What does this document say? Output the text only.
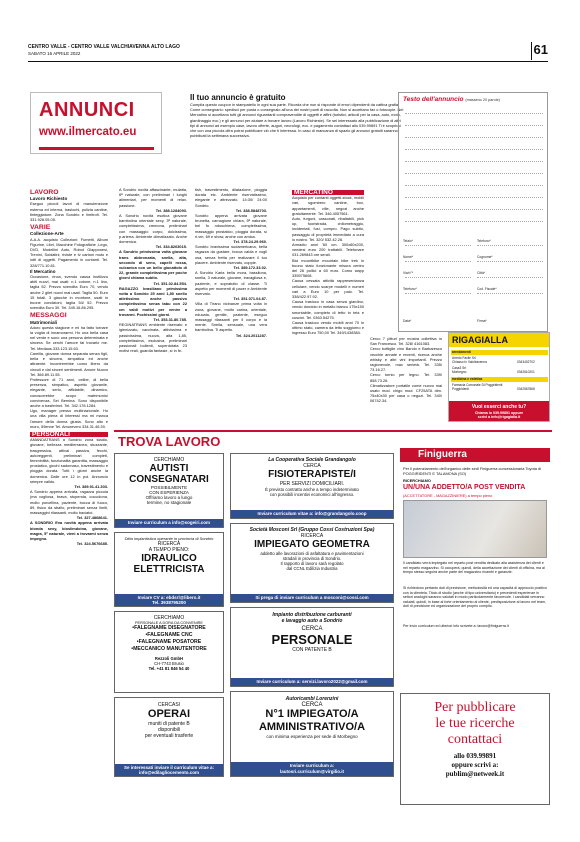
CENTRO VALLE - CENTRO VALLE VALCHIAVENNA ALTO LAGO
SABATO 16 APRILE 2022	61
ANNUNCI
www.ilmercato.eu
Il tuo annuncio è gratuito
Compila questo coupon in stampatello in ogni sua parte. Ricorda che non si risponde di errori dipendenti da cattiva grafia. Come consegnarlo: spedisci per posta o consegnalo all'una dei nostri punti di raccolta. Non si accettano fax o fotocopie. Nel Mercatino si accettano tutti gli annunci riguardanti compravendite di oggetti e affini (turistici, articoli per la casa, auto, moto, giardinaggio ecc.) e gli annunci per aiutare a trovare lavoro (Lavoro Richieste). Se sei interessato alla pubblicazione di altri tipi di annunci ad esempio case, lavoro offerte, auguri, necrologi, ecc. e pagamento contattaci allo 039.99891 Ti è scopriraí che con una piccola cifra potrai pubblicare ciò che ti interessa. In caso di mancanza di spazio gli annunci gratuiti saranno pubblicati la settimana successiva.
Testo dell'annuncio (massimo 20 parole)
Telaio*
Nome*
Via/n°*
Telefono*
Telefono*
Cognome*
Città*
Cod. Fiscale*
Data*	Firma*
LAVORO
Lavoro Richiesto
Eseguo piccoli lavori di manutenzione esterna ed interna, traslochi, pulizia cantine, tinteggiature. Zona Sondrio e limitrofi. Tel. 331.928.05.05.
VARIE
Collezione-Arte
A.A.A. acquisto Collezioni: Fumetti, Album Figurine, Libri, Macchine Fotografiche ,Lego, DVD, Modellini Auto, Robot Giapponesi, Trenini, Soldatini, riviste e tv cartoni moto e lotti di oggetti. Pagamento in contanti. Tel. 328/771.10.81.
Il Mercatino
Occasione, rinca, svendo causa inutilizzo abiti nuovi, mai usati: n.1 cotone, n.1 lino, taglia 52. Prezzo svendita Euro 70, vendo anche 2 gilet nuovi mai usati. Taglia 50. Euro 15 totali. 3 giacche in montone, usati in buone condizioni, taglia 54/ 52. Prezzo svendita Euro 30. Tel. 349.16.86.295.
MESSAGGI
Matrimoniali
Adoro questa stagione e mi ha fatto tornare la voglia di innamorarmi. Ho una bella casa nel verde e sono una persona determinata e sincera. Se cerchi l'amore fai trovarlo me. Tel. Mediaus.333.123.15.63.
Camilla, giovane donna separata senza figli, bella e sincera, simpatica ed anche attraente. Incontrerebbe uomo libero da vincoli e dai sinceri sentimenti. Amore Nuovo Tel. 366.89.11.55.
Professore di 71 anni, celibe, di bella presenza, simpatico, aspetto giovanile, elegante, serio, affidabile, dinamico, conoscerebbe scopo matrimonio/ convivenza, Sei Bernina. Sono disponibile anche a trasferirmi. Tel. 342.178.1284.
Ugo, manager presso multinazionale. Ho una villa piena di interessi ma mi manca l'amore della donna giusta. Sono alto e moro, 59enne Tel. Amorevero 334.31.46.39.
PERSONALI
AMANDATRANS a Sondrio zona stadio, giovane, bellezza mediterranea, stuzzante, trasgressiva, attivai passiva, fecchi, autoreggenti, preliminari completi, femminilità, funzionalità garantita, massaggio prostatico, giochi sadomaso, travestimento e pioggia dorata. Tutti i giorni anche la domenica. Dalle ore 12 in poi. Annuncio sempre valido.
Tel. 389.91.41.303.
A Sondrio appena arrivata, ragazza piccola (ma vogliosa, brava, stupenda, coccolona, molto porcellina, paziente, bocca di fuoco, 89, fisico da sballo, preliminari senza limiti, massaggini rilassanti, molto baciatoì.
Tel. 327.4868641.
A SONDRIO Eva novità appena arrivata bionda sexy, bioslimdoina, giovane, magra, 5ª naturale, vieni a trovarmi senza impegno.
Tel. 324.5676685.
A Sondrio novità affascinante, mulatta, 6ª naturale, con preliminari i lunghi alimentari, per momenti di relax, passione.
Tel. 388.1284093.
A Sondrio novità esotica giovane bambolina orientale sexy, 3ª naturale, completissima, cremona, preliminari con massaggio corpo, dolcissima, p.arierra. Ambiente climatizzato. Anche domenica.
Tel. 334.8263015.
A Sondrio primissima volta giovane trans abbronzata, snella, alta, secondo di seno, capelli rossa, vulcanica con un bello giocattolo di 22, grande completissima per poche giorni chiama subito.
Tel. 351.02.84.554.
RAGAZZO brasiliano primissima volta a Sondrio 25 anni 1,80 snello atletissimo anche passivo completissimo senza tabu con 22 cm valdi motivi per venire a trovarmi. Pochissimi giorni.
Tel. 353.31.80.785.
REGINATRANS embiente riservato e igienizzato, vaccinata, attivissima e passivissima, nuova, alta 1,85, completissima, esclusiva, preliminari passionali bollenti, superdotata 23 motivi reali, guardia fantasie, sì in fe-
tish, travestimento, dilatazione, pioggia dorata etc. Ambiente riservatissimo, elegante e attrezzato. 14:30/ 24:00 Sondrio.
Tel. 338.5848703.
Sondrio appena arrivata giovane brunetta, carnagione chiara, 5ª naturale, bel fo ndoschiena, completissima, massaggio prostatico, pioggia dorata, sì ri.vm, 69 e show, anche con amica.
Tel. 378.24.29.960.
Sondrio bravissima sudamericana, bella ragazza da gustare, bocca calda e vogli osa, senza fretta per realizzare il tuo piacere. Ambiente riservato, coppie.
Tel. 389.172.33.02.
A Sondrio Karla bella mora, bassilona, snella, 3 naturale, giovane, travagliosa e, paziente, e sopratutto di classe. Ti aspetto per momenti di pacer e Ambiente riservato.
Tel. 351.071.04.87.
Villa di Tirano vicinanze prima volta in zona, giovane, molto carina, orientale, educata, gentile, paziente, eseguo massaggi rilassanti per il corpo e la mente. Snella, sensuale, una vera bambolina. Ti aspetto.
Tel. 324.2011287.
MERCATINO
Acquisto per contanti oggetti-stock, mobili vari, sgombero cantine, box, appartamenti, ville, negozi anche gratuitamente. Tel. 346.4057561.
Auto, furgoni, cassonati, ribaltabili, pick up, fuoristrada, chilometraggio, incidentati, fusi, compro. Pago subito, passaggio di proprietà immediato a cura io nostro. Tel. 320/ 532.42.26.
Armadio anni '60 cm. 300x60x200, vendesi euro 200 trattabili. Telefonare 031.269843 ore serali.
Bici mountbike mountain bike trek in buono stato funzionante misura centro del 26 pollici a 60 euro. Como wapp 335975608.
Causa cessata attività rappresentanza cellulare, vendo scarpe modelli e numeri vari a Euro 10 per paio. Tel. 338/422.97.92.
Causa trasloco in casa senza giardino, vendo dondolo in metallo bianco 175x150 smontabile, completo di tetto in tela e cuscini. Tel. 0363.54275.
Causa trasloco vendo mobili anni 70 in ottimo stato, camera da letto soggiorno e ingresso Euro 750,00 Tel. 349/1438384.
Cerco 7 pitturi per mostra collettiva in San Francesco. Tel. 328/ 4161083.
Cerco bottiglie vino Barolo e Barbaresco vecchie annate e recenti, ricerca anche whisky e altri vini importanti. Prezzo ragionevole, max serietà. Tel. 335/ 73.16.27.
Cerco tornio per legno. Tel. 339/ 858.73.26.
Climatizzatore portatile come nuovo mai usato mod. chigo mod. CF25ATA dim. 75x40x30 per casa o negozi. Tel. 340/ 06742.34.
RIGAGIALLA
arredamenti
Arredo Facile Srl
Chiasso In Valchiavenna	0343402702
Casa3 Srl
Morbegno	0342610201
medicina e estetica
Farmacia Comunale Di Poggiridenti
Poggiridenti	0342567868
Vuoi esserci anche tu?
Chiama lo 039.99891 oppure
scrivi a info@rigagialla.it
TROVA LAVORO
CERCHIAMO
AUTISTI
CONSEGNATARI
POSSIBILMENTE
CON ESPERIENZA
Offriamo lavoro a lungo
termine, no stagionale
Inviare curriculum a info@sogeiri.com
Ditta impiantistica operante in provincia di Sondrio
RICERCA
A TEMPO PIENO:
IDRAULICO
ELETTRICISTA
Inviare CV a: ebdsrl@libero.it
Tel. 3938795200
CERCHIAMO
PERSONALE A DORA DA CONVENIRE
•FALEGNAME DISEGNATORE
•FALEGNAME CNC
•FALEGNAME POSATORE
•MECCANICO MANUTENTORE
Rezzoli GmbH
CH-7743 Brusio
Tel. +41 81 846 54 40
CERCASI
OPERAI
muniti di patente B
disponibili
per eventuali trasferte
Se interessati inviare il curriculum vitae a: info@edilagliocemento.com
La Cooperativa Sociale Grandangolo
CERCA
FISIOTERAPISTE/I
PER SERVIZI DOMICILIARI.
È previsto contratto anche a tempo indeterminato
con possibili incentivi economici all'ingresso.
Inviare curriculum vitae a: info@grandangolo.coop
Società Mosconi Srl (Gruppo Cossi Costruzioni Spa)
RICERCA
IMPIEGATO GEOMETRA
addetto alle lavorazioni di asfaltatura e pavimentazioni
stradali in provincia di Sondrio.
Il rapporto di lavoro sarà regolato
dal CCNL Edilizia Industria
Si prega di inviare curriculum a mosconi@cossi.com
Impianto distribuzione carburanti
e lavaggio auto a Sondrio
CERCA
PERSONALE
CON PATENTE B
Inviare curriculum a: servizi.lavoro2022@gmail.com
Autoricambi Lorenzini
CERCA
N°1 IMPIEGATO/A
AMMINISTRATIVO/A
con minima esperienza per sede di Morbegno
Inviare curriculum a:
lautosri.curriculum@virgilio.it
Finiguerra
Per il potenziamento dell'organico delle sedi Finiguerra concessionaria Toyota di POGGIRIDENTI E TALAMONA (SO)
RICERCHIAMO
UN/UNA ADDETTO/A POST VENDITA
(ACCETTATORE - MAGAZZINIERE) a tempo pieno
Il candidato verrà impiegato nel reparto post vendita dedicato alla assistenza dei clienti e nel reparto magazzino. Si occuperà, quindi, della accettazione dei clienti di officina, ma al tempo stesso seguirà anche parte del magazzino ricambi e garanzie.
Si richiedono pertanto doti di precisione, meticolosità ed una capacità di approccio positivo con la clientela. Titolo di studio (anche di tipo universitario) e precedenti esperienze in settori analoghi saranno valutati in modo particolarmente favorevole. I candidati verranno valutati, quindi, in base al forte orientamento al cliente, predisposizione al lavoro nel team, doti di precisione ed organizzazione del proprio compito.
Per invio curriculum ed ulteriori info scrivete a: lavoro@finiguerra.it
Per pubblicare
le tue ricerche
contattaci
allo 039.99891
oppure scrivi a:
publim@netweek.it
